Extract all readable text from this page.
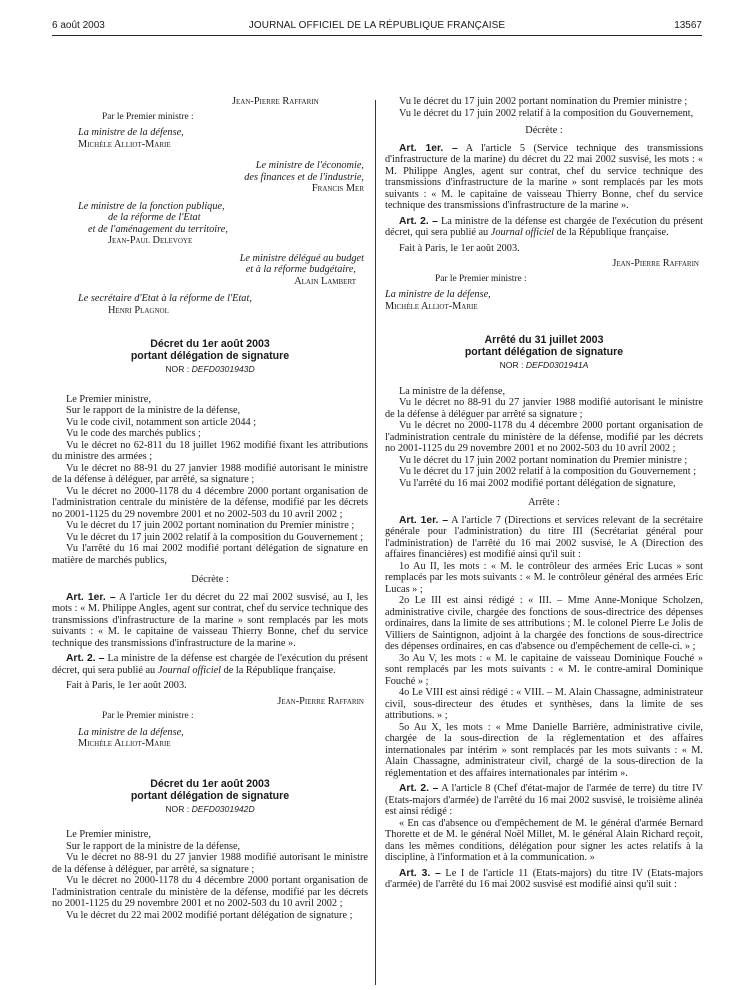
6 août 2003	JOURNAL OFFICIEL DE LA RÉPUBLIQUE FRANÇAISE	13567

Jean-Pierre Raffarin

Par le Premier ministre :

La ministre de la défense,

Michèle Alliot-Marie

Le ministre de l'économie,

des finances et de l'industrie,

Francis Mer

Le ministre de la fonction publique,

de la réforme de l'Etat

et de l'aménagement du territoire,

Jean-Paul Delevoye

Le ministre délégué au budget

et à la réforme budgétaire,

Alain Lambert

Le secrétaire d'Etat à la réforme de l'Etat,

Henri Plagnol

Décret du 1er août 2003

portant délégation de signature

NOR : DEFD0301943D

Le Premier ministre,

Sur le rapport de la ministre de la défense,

Vu le code civil, notamment son article 2044 ;

Vu le code des marchés publics ;

Vu le décret no 62-811 du 18 juillet 1962 modifié fixant les attributions du ministre des armées ;

Vu le décret no 88-91 du 27 janvier 1988 modifié autorisant le ministre de la défense à déléguer, par arrêté, sa signature ;

Vu le décret no 2000-1178 du 4 décembre 2000 portant organisation de l'administration centrale du ministère de la défense, modifié par les décrets no 2001-1125 du 29 novembre 2001 et no 2002-503 du 10 avril 2002 ;

Vu le décret du 17 juin 2002 portant nomination du Premier ministre ;

Vu le décret du 17 juin 2002 relatif à la composition du Gouvernement ;

Vu l'arrêté du 16 mai 2002 modifié portant délégation de signature en matière de marchés publics,

Décrète :

Art. 1er. – A l'article 1er du décret du 22 mai 2002 susvisé, au I, les mots : « M. Philippe Angles, agent sur contrat, chef du service technique des transmissions d'infrastructure de la marine » sont remplacés par les mots suivants : « M. le capitaine de vaisseau Thierry Bonne, chef du service technique des transmissions d'infrastructure de la marine ».

Art. 2. – La ministre de la défense est chargée de l'exécution du présent décret, qui sera publié au Journal officiel de la République française.

Fait à Paris, le 1er août 2003.

Jean-Pierre Raffarin

Par le Premier ministre :

La ministre de la défense,

Michèle Alliot-Marie

Décret du 1er août 2003

portant délégation de signature

NOR : DEFD0301942D

Le Premier ministre,

Sur le rapport de la ministre de la défense,

Vu le décret no 88-91 du 27 janvier 1988 modifié autorisant le ministre de la défense à déléguer, par arrêté, sa signature ;

Vu le décret no 2000-1178 du 4 décembre 2000 portant organisation de l'administration centrale du ministère de la défense, modifié par les décrets no 2001-1125 du 29 novembre 2001 et no 2002-503 du 10 avril 2002 ;

Vu le décret du 22 mai 2002 modifié portant délégation de signature ;

Vu le décret du 17 juin 2002 portant nomination du Premier ministre ;

Vu le décret du 17 juin 2002 relatif à la composition du Gouvernement,

Décrète :

Art. 1er. – A l'article 5 (Service technique des transmissions d'infrastructure de la marine) du décret du 22 mai 2002 susvisé, les mots : « M. Philippe Angles, agent sur contrat, chef du service technique des transmissions d'infrastructure de la marine » sont remplacés par les mots suivants : « M. le capitaine de vaisseau Thierry Bonne, chef du service technique des transmissions d'infrastructure de la marine ».

Art. 2. – La ministre de la défense est chargée de l'exécution du présent décret, qui sera publié au Journal officiel de la République française.

Fait à Paris, le 1er août 2003.

Jean-Pierre Raffarin

Par le Premier ministre :

La ministre de la défense,

Michèle Alliot-Marie

Arrêté du 31 juillet 2003

portant délégation de signature

NOR : DEFD0301941A

La ministre de la défense,

Vu le décret no 88-91 du 27 janvier 1988 modifié autorisant le ministre de la défense à déléguer par arrêté sa signature ;

Vu le décret no 2000-1178 du 4 décembre 2000 portant organisation de l'administration centrale du ministère de la défense, modifié par les décrets no 2001-1125 du 29 novembre 2001 et no 2002-503 du 10 avril 2002 ;

Vu le décret du 17 juin 2002 portant nomination du Premier ministre ;

Vu le décret du 17 juin 2002 relatif à la composition du Gouvernement ;

Vu l'arrêté du 16 mai 2002 modifié portant délégation de signature,

Arrête :

Art. 1er. – A l'article 7 (Directions et services relevant de la secrétaire générale pour l'administration) du titre III (Secrétariat général pour l'administration) de l'arrêté du 16 mai 2002 susvisé, le A (Direction des affaires financières) est modifié ainsi qu'il suit :

1o Au II, les mots : « M. le contrôleur des armées Eric Lucas » sont remplacés par les mots suivants : « M. le contrôleur général des armées Eric Lucas » ;

2o Le III est ainsi rédigé : « III. – Mme Anne-Monique Scholzen, administrative civile, chargée des fonctions de sous-directrice des dépenses ordinaires, dans la limite de ses attributions ; M. le colonel Pierre Le Jolis de Villiers de Saintignon, adjoint à la chargée des fonctions de sous-directrice des dépenses ordinaires, en cas d'absence ou d'empêchement de celle-ci. » ;

3o Au V, les mots : « M. le capitaine de vaisseau Dominique Fouché » sont remplacés par les mots suivants : « M. le contre-amiral Dominique Fouché » ;

4o Le VIII est ainsi rédigé : « VIII. – M. Alain Chassagne, administrateur civil, sous-directeur des études et synthèses, dans la limite de ses attributions. » ;

5o Au X, les mots : « Mme Danielle Barrière, administrative civile, chargée de la sous-direction de la réglementation et des affaires internationales par intérim » sont remplacés par les mots suivants : « M. Alain Chassagne, administrateur civil, chargé de la sous-direction de la réglementation et des affaires internationales par intérim ».

Art. 2. – A l'article 8 (Chef d'état-major de l'armée de terre) du titre IV (Etats-majors d'armée) de l'arrêté du 16 mai 2002 susvisé, le troisième alinéa est ainsi rédigé :

« En cas d'absence ou d'empêchement de M. le général d'armée Bernard Thorette et de M. le général Noël Millet, M. le général Alain Richard reçoit, dans les mêmes conditions, délégation pour signer les actes relatifs à la discipline, à l'information et à la communication. »

Art. 3. – Le I de l'article 11 (Etats-majors) du titre IV (Etats-majors d'armée) de l'arrêté du 16 mai 2002 susvisé est modifié ainsi qu'il suit :
